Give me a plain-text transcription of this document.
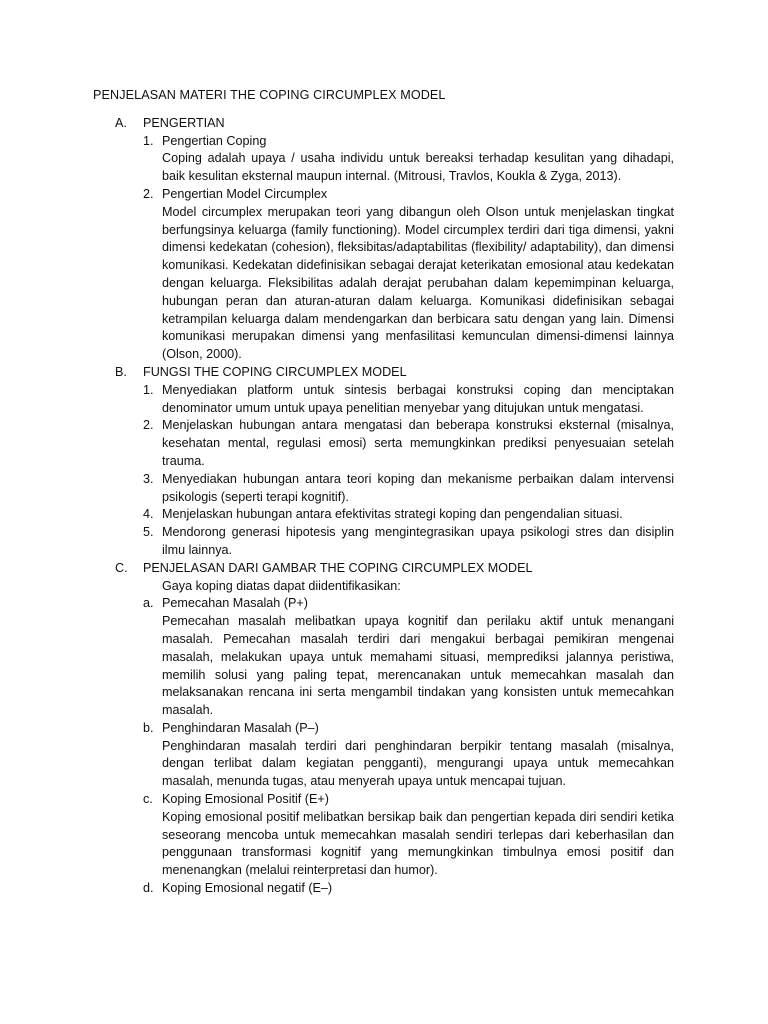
PENJELASAN MATERI THE COPING CIRCUMPLEX MODEL
A.	PENGERTIAN
1. Pengertian Coping
Coping adalah upaya / usaha individu untuk bereaksi terhadap kesulitan yang dihadapi, baik kesulitan eksternal maupun internal. (Mitrousi, Travlos, Koukla & Zyga, 2013).
2. Pengertian Model Circumplex
Model circumplex merupakan teori yang dibangun oleh Olson untuk menjelaskan tingkat berfungsinya keluarga (family functioning). Model circumplex terdiri dari tiga dimensi, yakni dimensi kedekatan (cohesion), fleksibitas/adaptabilitas (flexibility/ adaptability), dan dimensi komunikasi. Kedekatan didefinisikan sebagai derajat keterikatan emosional atau kedekatan dengan keluarga. Fleksibilitas adalah derajat perubahan dalam kepemimpinan keluarga, hubungan peran dan aturan-aturan dalam keluarga. Komunikasi didefinisikan sebagai ketrampilan keluarga dalam mendengarkan dan berbicara satu dengan yang lain. Dimensi komunikasi merupakan dimensi yang menfasilitasi kemunculan dimensi-dimensi lainnya (Olson, 2000).
B.	FUNGSI THE COPING CIRCUMPLEX MODEL
1. Menyediakan platform untuk sintesis berbagai konstruksi coping dan menciptakan denominator umum untuk upaya penelitian menyebar yang ditujukan untuk mengatasi.
2. Menjelaskan hubungan antara mengatasi dan beberapa konstruksi eksternal (misalnya, kesehatan mental, regulasi emosi) serta memungkinkan prediksi penyesuaian setelah trauma.
3. Menyediakan hubungan antara teori koping dan mekanisme perbaikan dalam intervensi psikologis (seperti terapi kognitif).
4. Menjelaskan hubungan antara efektivitas strategi koping dan pengendalian situasi.
5. Mendorong generasi hipotesis yang mengintegrasikan upaya psikologi stres dan disiplin ilmu lainnya.
C.	PENJELASAN DARI GAMBAR THE COPING CIRCUMPLEX MODEL
Gaya koping diatas dapat diidentifikasikan:
a. Pemecahan Masalah (P+)
Pemecahan masalah melibatkan upaya kognitif dan perilaku aktif untuk menangani masalah. Pemecahan masalah terdiri dari mengakui berbagai pemikiran mengenai masalah, melakukan upaya untuk memahami situasi, memprediksi jalannya peristiwa, memilih solusi yang paling tepat, merencanakan untuk memecahkan masalah dan melaksanakan rencana ini serta mengambil tindakan yang konsisten untuk memecahkan masalah.
b. Penghindaran Masalah (P–)
Penghindaran masalah terdiri dari penghindaran berpikir tentang masalah (misalnya, dengan terlibat dalam kegiatan pengganti), mengurangi upaya untuk memecahkan masalah, menunda tugas, atau menyerah upaya untuk mencapai tujuan.
c. Koping Emosional Positif (E+)
Koping emosional positif melibatkan bersikap baik dan pengertian kepada diri sendiri ketika seseorang mencoba untuk memecahkan masalah sendiri terlepas dari keberhasilan dan penggunaan transformasi kognitif yang memungkinkan timbulnya emosi positif dan menenangkan (melalui reinterpretasi dan humor).
d. Koping Emosional negatif (E–)
